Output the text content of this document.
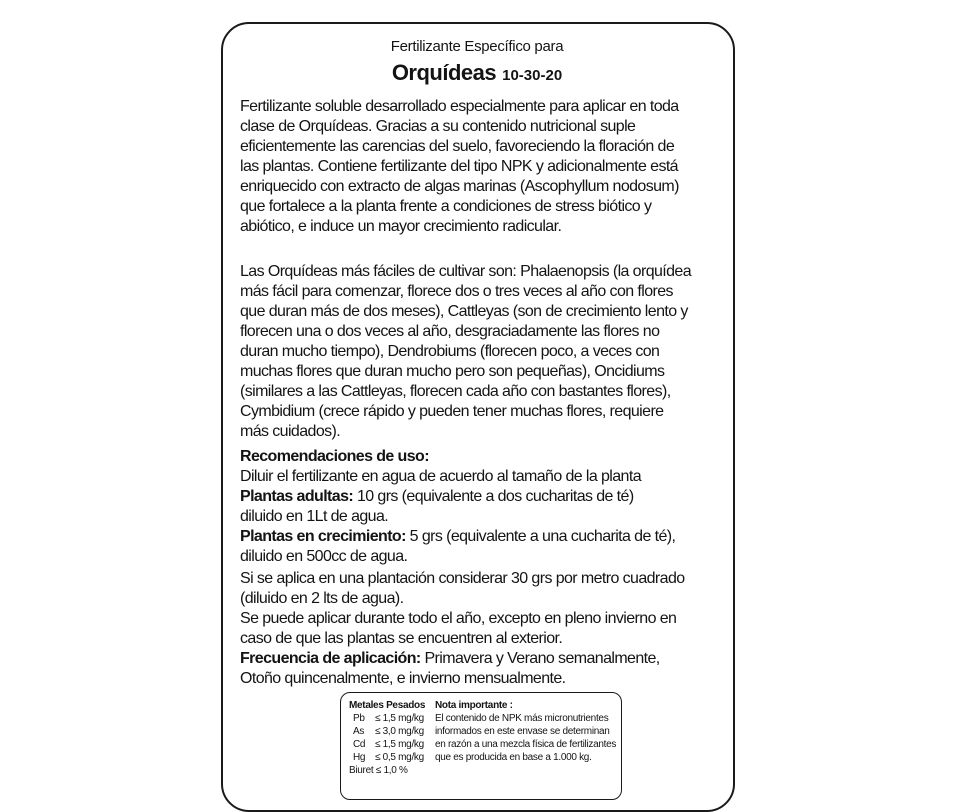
Fertilizante Específico para
Orquídeas 10-30-20
Fertilizante soluble desarrollado especialmente para aplicar en toda
clase de Orquídeas. Gracias a su contenido nutricional suple
eficientemente las carencias del suelo, favoreciendo la floración de
las plantas. Contiene fertilizante del tipo NPK y adicionalmente está
enriquecido con extracto de algas marinas (Ascophyllum nodosum)
que fortalece a la planta frente a condiciones de stress biótico y
abiótico, e induce un mayor crecimiento radicular.
Las Orquídeas más fáciles de cultivar son: Phalaenopsis (la orquídea
más fácil para comenzar, florece dos o tres veces al año con flores
que duran más de dos meses), Cattleyas (son de crecimiento lento y
florecen una o dos veces al año, desgraciadamente las flores no
duran mucho tiempo), Dendrobiums (florecen poco, a veces con
muchas flores que duran mucho pero son pequeñas), Oncidiums
(similares a las Cattleyas, florecen cada año con bastantes flores),
Cymbidium (crece rápido y pueden tener muchas flores, requiere
más cuidados).
Recomendaciones de uso:
Diluir el fertilizante en agua de acuerdo al tamaño de la planta
Plantas adultas: 10 grs (equivalente a dos cucharitas de té)
diluido en 1Lt de agua.
Plantas en crecimiento: 5 grs (equivalente a una cucharita de té),
diluido en 500cc de agua.
Si se aplica en una plantación considerar 30 grs por metro cuadrado
(diluido en 2 lts de agua).
Se puede aplicar durante todo el año, excepto en pleno invierno en
caso de que las plantas se encuentren al exterior.
Frecuencia de aplicación: Primavera y Verano semanalmente,
Otoño quincenalmente, e invierno mensualmente.
Metales Pesados
Pb	≤ 1,5 mg/kg
As	≤ 3,0 mg/kg
Cd ≤ 1,5 mg/kg
Hg ≤ 0,5 mg/kg
Biuret ≤ 1,0 %
Nota importante :
El contenido de NPK más micronutrientes
informados en este envase se determinan
en razón a una mezcla física de fertilizantes
que es producida en base a 1.000 kg.
